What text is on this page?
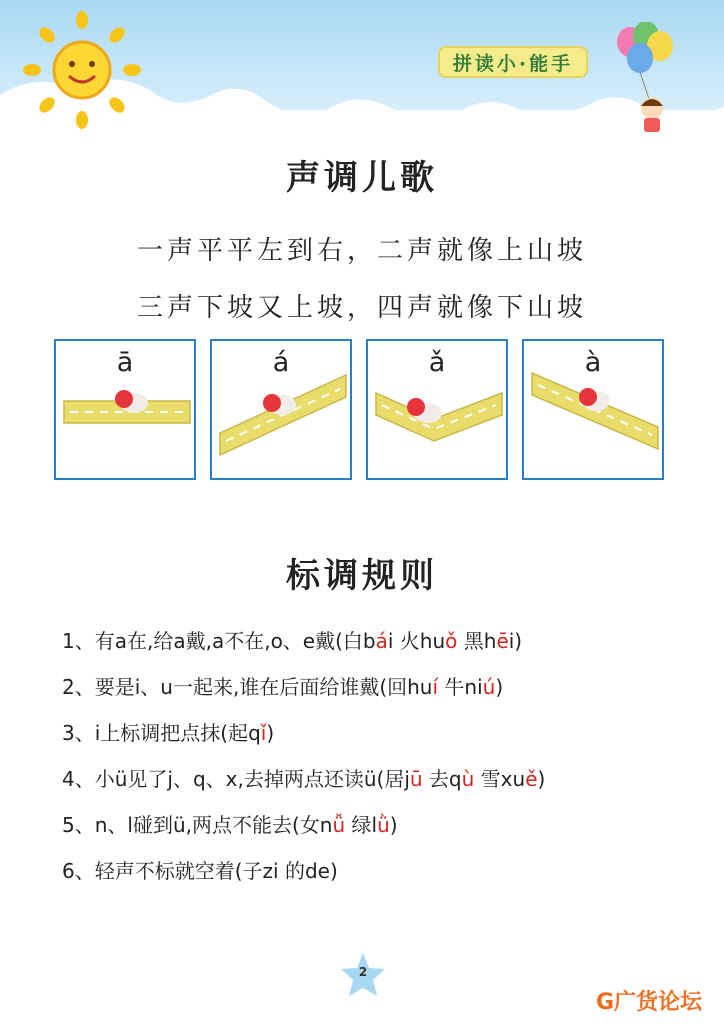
拼读小·能手
声调儿歌

一声平平左到右，二声就像上山坡

三声下坡又上坡，四声就像下山坡

ā	á	ǎ	à
标调规则
1、有a在,给a戴,a不在,o、e戴(白bái 火huǒ 黑hēi)
2、要是i、u一起来,谁在后面给谁戴(回huí 牛niú)
3、i上标调把点抹(起qǐ)
4、小ü见了j、q、x,去掉两点还读ü(居jū 去qù 雪xuě)
5、n、l碰到ü,两点不能去(女nǚ 绿lǜ)
6、轻声不标就空着(子zi 的de)
2
G广货论坛
